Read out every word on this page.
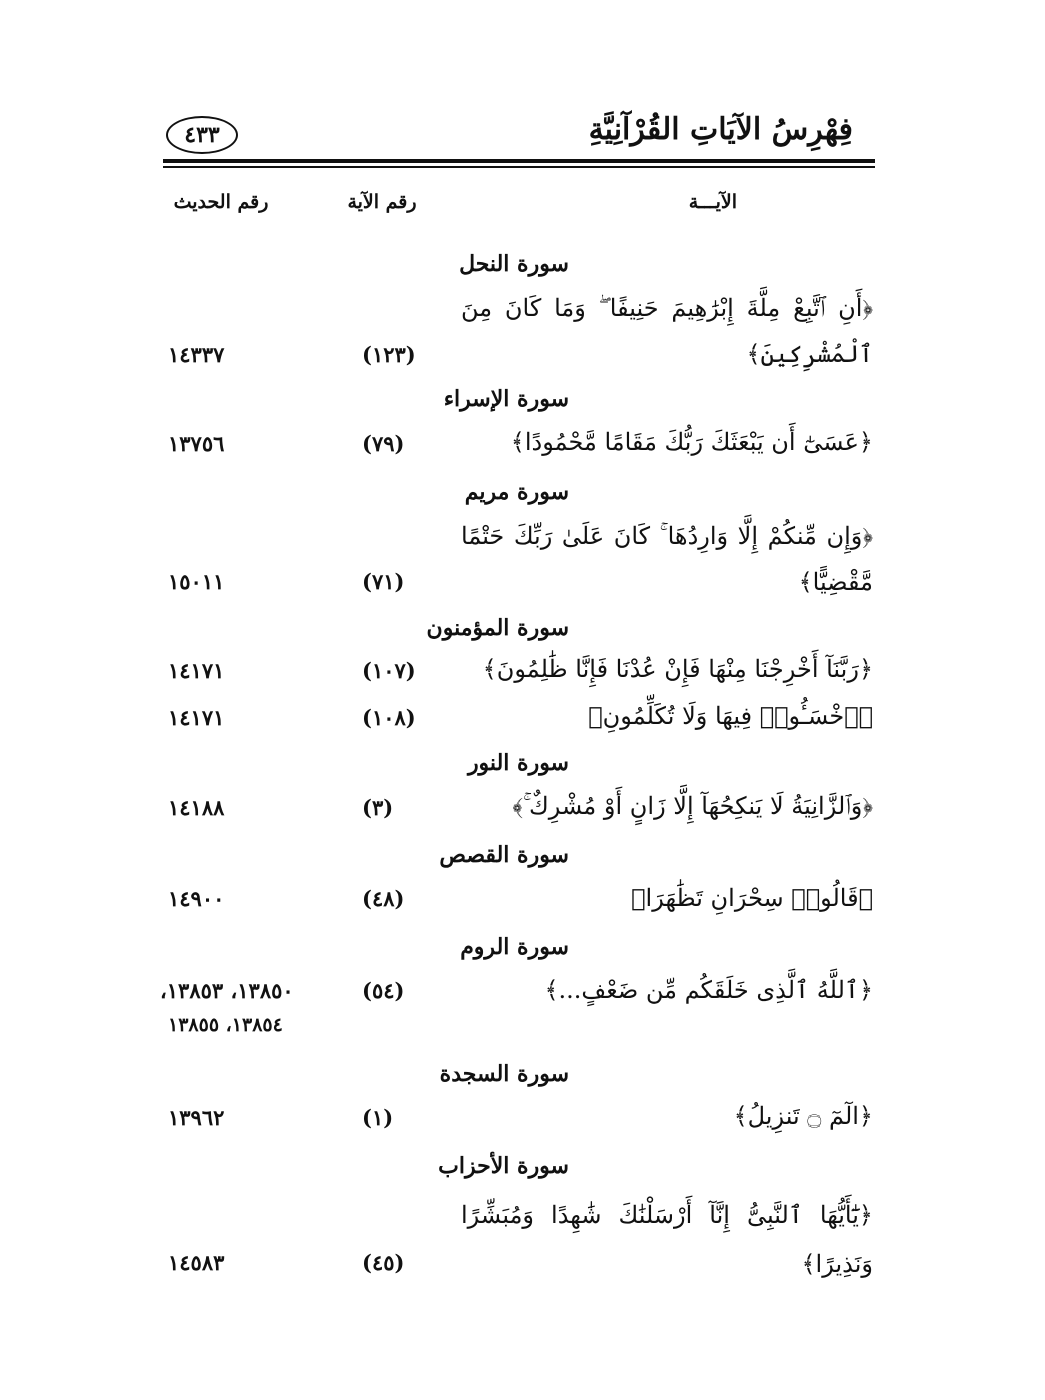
فِهْرِسُ الآيَاتِ القُرْآنِيَّةِ
٤٣٣
الآيـــة
رقم الآية
رقم الحديث
سورة النحل
﴿أَنِ ٱتَّبِعْ مِلَّةَ إِبْرَٰهِيمَ حَنِيفًا ۖ وَمَا كَانَ مِنَ
ٱلْمُشْرِكِينَ﴾
(١٢٣)
١٤٣٣٧
سورة الإسراء
﴿عَسَىٰٓ أَن يَبْعَثَكَ رَبُّكَ مَقَامًا مَّحْمُودًا﴾
(٧٩)
١٣٧٥٦
سورة مريم
﴿وَإِن مِّنكُمْ إِلَّا وَارِدُهَا ۚ كَانَ عَلَىٰ رَبِّكَ حَتْمًا
مَّقْضِيًّا﴾
(٧١)
١٥٠١١
سورة المؤمنون
﴿رَبَّنَآ أَخْرِجْنَا مِنْهَا فَإِنْ عُدْنَا فَإِنَّا ظَٰلِمُونَ﴾
(١٠٧)
١٤١٧١
﴿ٱخْسَـُٔوا۟ فِيهَا وَلَا تُكَلِّمُونِ﴾
(١٠٨)
١٤١٧١
سورة النور
﴿وَٱلزَّانِيَةُ لَا يَنكِحُهَآ إِلَّا زَانٍ أَوْ مُشْرِكٌ ۚ﴾
(٣)
١٤١٨٨
سورة القصص
﴿قَالُوا۟ سِحْرَانِ تَظَٰهَرَا﴾
(٤٨)
١٤٩٠٠
سورة الروم
﴿ٱللَّهُ ٱلَّذِى خَلَقَكُم مِّن ضَعْفٍ...﴾
(٥٤)
١٣٨٥٠، ١٣٨٥٣،
١٣٨٥٤، ١٣٨٥٥
سورة السجدة
﴿الٓمٓ ۝ تَنزِيلُ﴾
(١)
١٣٩٦٢
سورة الأحزاب
﴿يَٰٓأَيُّهَا ٱلنَّبِىُّ إِنَّآ أَرْسَلْنَٰكَ شَٰهِدًا وَمُبَشِّرًا
وَنَذِيرًا﴾
(٤٥)
١٤٥٨٣
